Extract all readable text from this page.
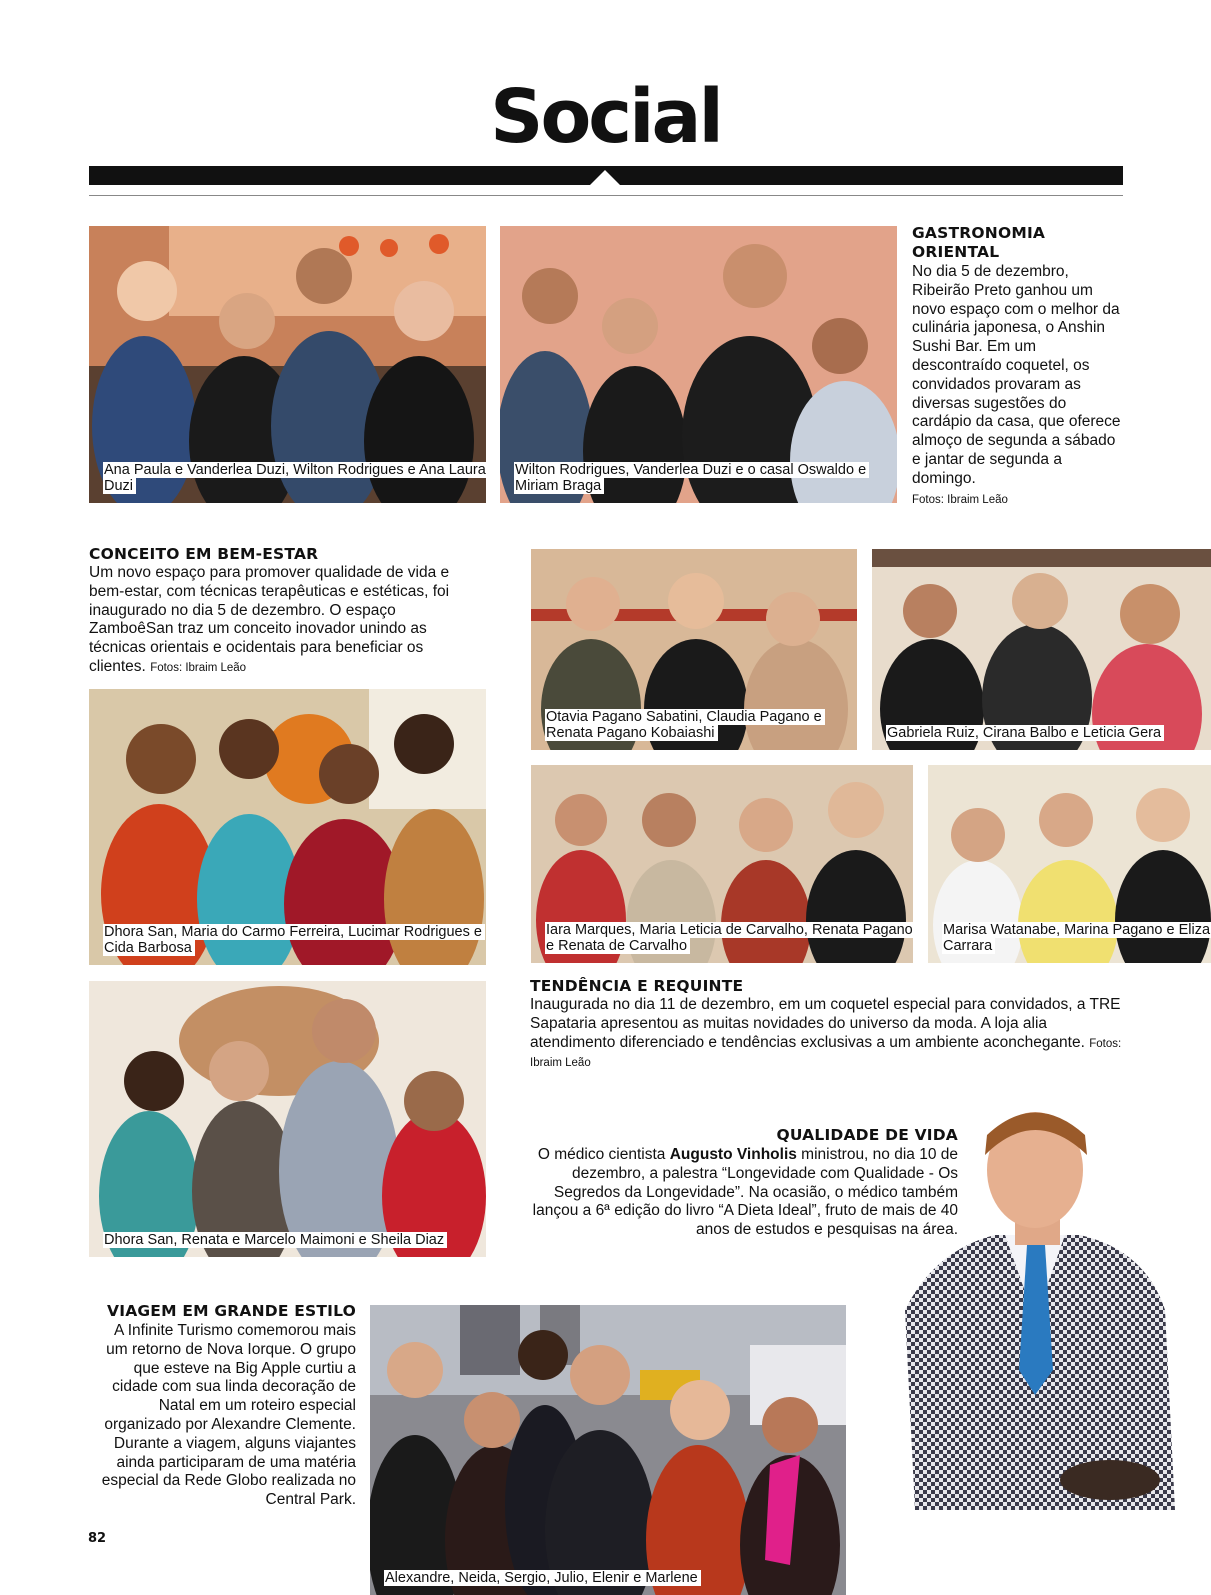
Social
Ana Paula e Vanderlea Duzi, Wilton Rodrigues e Ana Laura Duzi
Wilton Rodrigues, Vanderlea Duzi e o casal Oswaldo e Miriam Braga
GASTRONOMIA
ORIENTAL
No dia 5 de dezembro, Ribeirão Preto ganhou um novo espaço com o melhor da culinária japonesa, o Anshin Sushi Bar. Em um descontraído coquetel, os convidados provaram as diversas sugestões do cardápio da casa, que oferece almoço de segunda a sábado e jantar de segunda a domingo.
Fotos: Ibraim Leão
CONCEITO EM BEM-ESTAR
Um novo espaço para promover qualidade de vida e bem-estar, com técnicas terapêuticas e estéticas, foi inaugurado no dia 5 de dezembro. O espaço ZamboêSan traz um conceito inovador unindo as técnicas orientais e ocidentais para beneficiar os clientes. Fotos: Ibraim Leão
Dhora San, Maria do Carmo Ferreira, Lucimar Rodrigues e Cida Barbosa
Dhora San, Renata e Marcelo Maimoni e Sheila Diaz
Otavia Pagano Sabatini, Claudia Pagano e Renata Pagano Kobaiashi	Gabriela Ruiz, Cirana Balbo e Leticia Gera
Iara Marques, Maria Leticia de Carvalho, Renata Pagano e Renata de Carvalho
Marisa Watanabe, Marina Pagano e Eliza Carrara
TENDÊNCIA E REQUINTE
Inaugurada no dia 11 de dezembro, em um coquetel especial para convidados, a TRE Sapataria apresentou as muitas novidades do universo da moda. A loja alia atendimento diferenciado e tendências exclusivas a um ambiente aconchegante. Fotos: Ibraim Leão
QUALIDADE DE VIDA
O médico cientista Augusto Vinholis ministrou, no dia 10 de dezembro, a palestra “Longevidade com Qualidade - Os Segredos da Longevidade”. Na ocasião, o médico também lançou a 6ª edição do livro “A Dieta Ideal”, fruto de mais de 40 anos de estudos e pesquisas na área.
VIAGEM EM GRANDE ESTILO
A Infinite Turismo comemorou mais um retorno de Nova Iorque. O grupo que esteve na Big Apple curtiu a cidade com sua linda decoração de Natal em um roteiro especial organizado por Alexandre Clemente. Durante a viagem, alguns viajantes ainda participaram de uma matéria especial da Rede Globo realizada no Central Park.
Alexandre, Neida, Sergio, Julio, Elenir e Marlene
82
